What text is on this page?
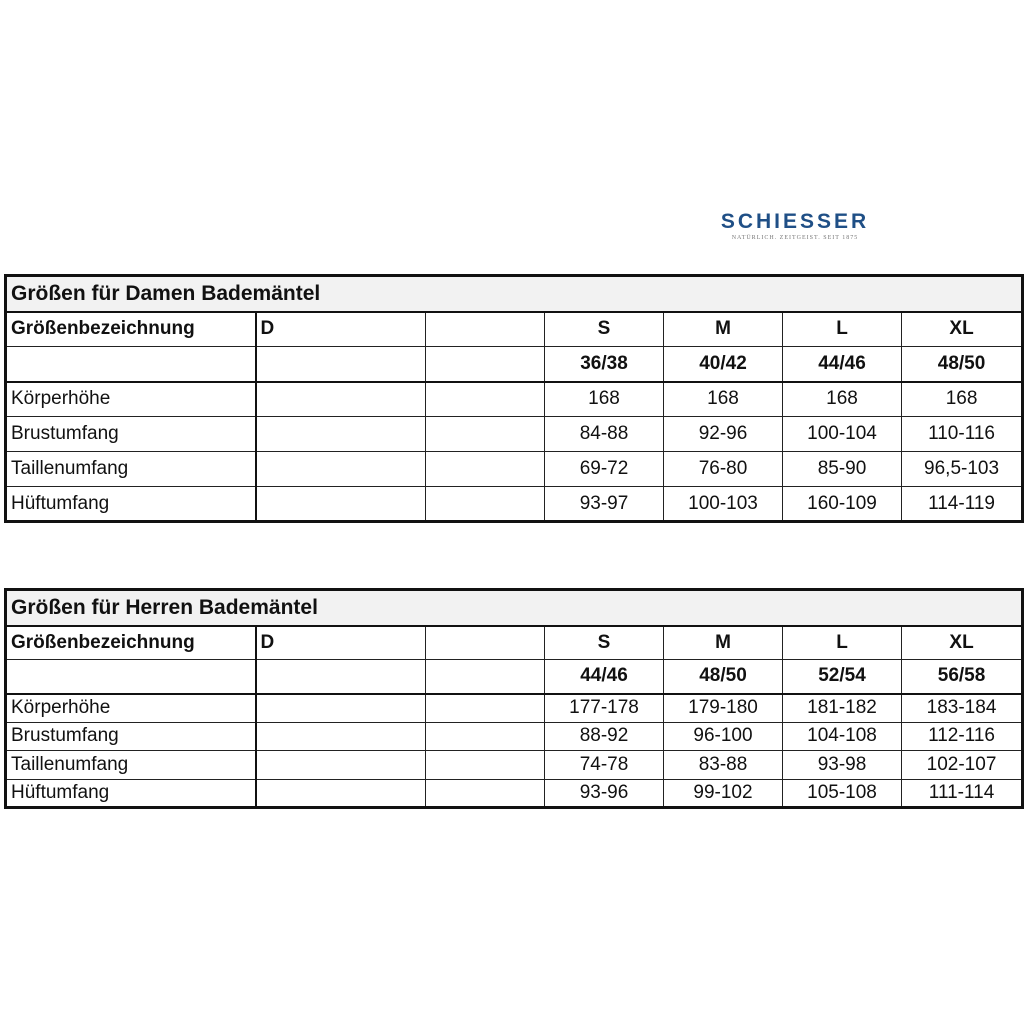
SCHIESSER
NATÜRLICH. ZEITGEIST. SEIT 1875
Größen für Damen Bademäntel						
Größenbezeichnung	D		S	M	L	XL
			36/38	40/42	44/46	48/50
Körperhöhe			168	168	168	168
Brustumfang			84-88	92-96	100-104	110-116
Taillenumfang			69-72	76-80	85-90	96,5-103
Hüftumfang			93-97	100-103	160-109	114-119
Größen für Herren Bademäntel						
Größenbezeichnung	D		S	M	L	XL
			44/46	48/50	52/54	56/58
Körperhöhe			177-178	179-180	181-182	183-184
Brustumfang			88-92	96-100	104-108	112-116
Taillenumfang			74-78	83-88	93-98	102-107
Hüftumfang			93-96	99-102	105-108	111-114
